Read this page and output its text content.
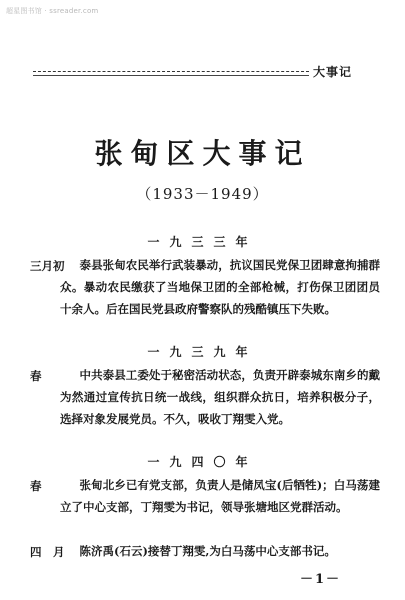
超星图书馆 · ssreader.com
大事记
张甸区大事记
（1933－1949）
一九三三年
三月初	泰县张甸农民举行武装暴动，抗议国民党保卫团肆意拘捕群众。暴动农民缴获了当地保卫团的全部枪械，打伤保卫团团员十余人。后在国民党县政府警察队的残酷镇压下失败。

一九三九年
春	中共泰县工委处于秘密活动状态，负责开辟泰城东南乡的戴为然通过宣传抗日统一战线，组织群众抗日，培养积极分子，选择对象发展党员。不久，吸收丁翔雯入党。

一九四〇年
春	张甸北乡已有党支部，负责人是储凤宝(后牺牲)；白马荡建立了中心支部，丁翔雯为书记，领导张塘地区党群活动。

四　月	陈济禹(石云)接替丁翔雯,为白马荡中心支部书记。

－1－
